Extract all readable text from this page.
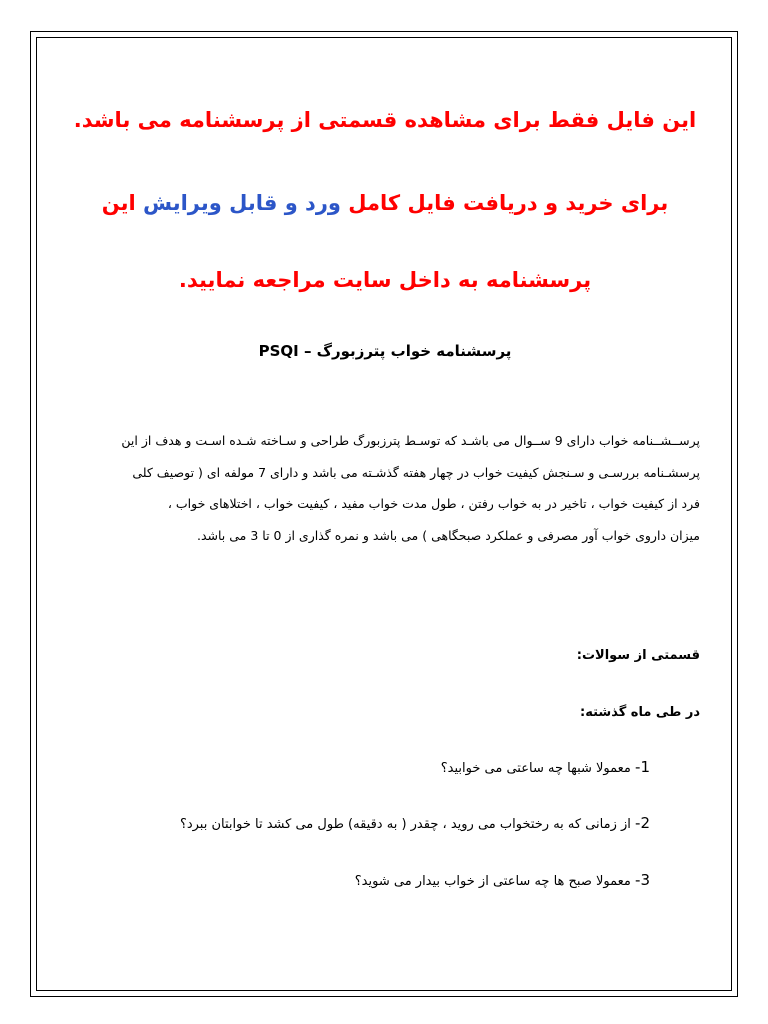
این فایل فقط برای مشاهده قسمتی از پرسشنامه می باشد.
برای خرید و دریافت فایل کامل ورد و قابل ویرایش این
پرسشنامه به داخل سایت مراجعه نمایید.
پرسشنامه خواب پترزبورگ – PSQI
پرســشــنامه خواب دارای 9 ســوال می باشـد که توسـط پترزبورگ طراحی و سـاخته شـده اسـت و هدف از این
پرسشـنامه بررسـی و سـنجش کیفیت خواب در چهار هفته گذشـته می باشد و دارای 7 مولفه ای ( توصیف کلی
فرد از کیفیت خواب ، تاخیر در به خواب رفتن ، طول مدت خواب مفید ، کیفیت خواب ، اختلاهای خواب ،
میزان داروی خواب آور مصرفی و عملکرد صبحگاهی ) می باشد و نمره گذاری از 0 تا 3 می باشد.
قسمتی از سوالات:
در طی ماه گذشته:
1- معمولا شبها چه ساعتی می خوابید؟
2- از زمانی که به رختخواب می روید ، چقدر ( به دقیقه) طول می کشد تا خوابتان ببرد؟
3- معمولا صبح ها چه ساعتی از خواب بیدار می شوید؟
